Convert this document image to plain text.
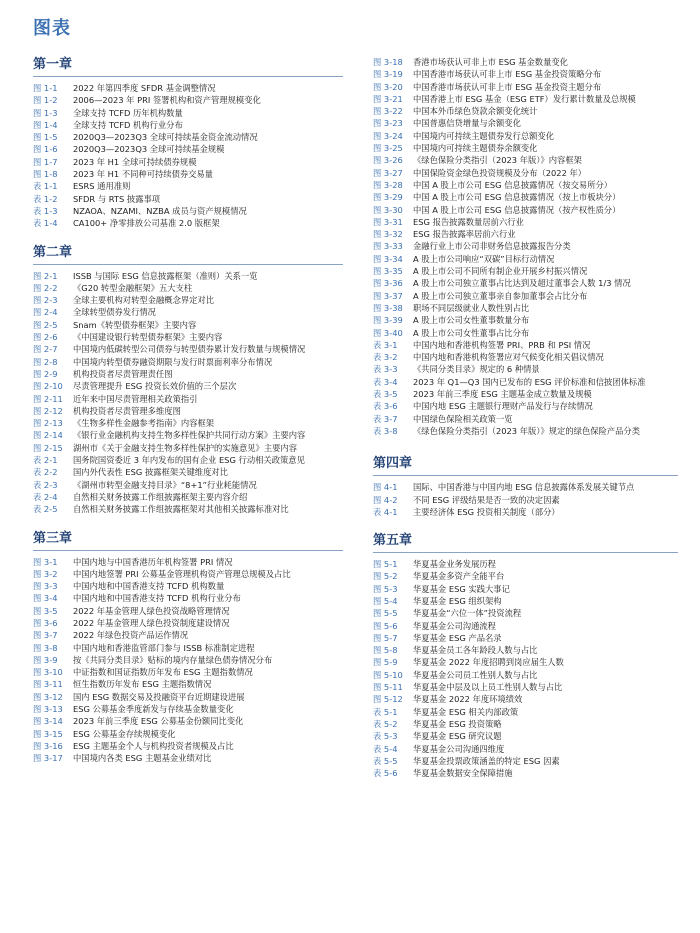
图表
第一章
图 1-1 2022 年第四季度 SFDR 基金调整情况
图 1-2 2006—2023 年 PRI 签署机构和资产管理规模变化
图 1-3 全球支持 TCFD 历年机构数量
图 1-4 全球支持 TCFD 机构行业分布
图 1-5 2020Q3—2023Q3 全球可持续基金资金流动情况
图 1-6 2020Q3—2023Q3 全球可持续基金规模
图 1-7 2023 年 H1 全球可持续债券规模
图 1-8 2023 年 H1 不同种可持续债券交易量
表 1-1 ESRS 通用准则
表 1-2 SFDR 与 RTS 披露事项
表 1-3 NZAOA、NZAMI、NZBA 成员与资产规模情况
表 1-4 CA100+ 净零排放公司基准 2.0 版框架
第二章
图 2-1 ISSB 与国际 ESG 信息披露框架（准则）关系一览
图 2-2 《G20 转型金融框架》五大支柱
图 2-3 全球主要机构对转型金融概念界定对比
图 2-4 全球转型债券发行情况
图 2-5 Snam《转型债券框架》主要内容
图 2-6 《中国建设银行转型债券框架》主要内容
图 2-7 中国境内低碳转型公司债券与转型债券累计发行数量与规模情况
图 2-8 中国境内转型债券融资期限与发行时票面利率分布情况
图 2-9 机构投资者尽责管理责任图
图 2-10 尽责管理提升 ESG 投资长效价值的三个层次
图 2-11 近年来中国尽责管理相关政策指引
图 2-12 机构投资者尽责管理多维度图
图 2-13 《生物多样性金融参考指南》内容框架
图 2-14 《银行业金融机构支持生物多样性保护共同行动方案》主要内容
图 2-15 湖州市《关于金融支持生物多样性保护的实施意见》主要内容
表 2-1 国务院国资委近 3 年内发布的国有企业 ESG 行动相关政策意见
表 2-2 国内外代表性 ESG 披露框架关键维度对比
表 2-3 《湖州市转型金融支持目录》“8+1”行业耗能情况
表 2-4 自然相关财务披露工作组披露框架主要内容介绍
表 2-5 自然相关财务披露工作组披露框架对其他相关披露标准对比
第三章
图 3-1 中国内地与中国香港历年机构签署 PRI 情况
图 3-2 中国内地签署 PRI 公募基金管理机构资产管理总规模及占比
图 3-3 中国内地和中国香港支持 TCFD 机构数量
图 3-4 中国内地和中国香港支持 TCFD 机构行业分布
图 3-5 2022 年基金管理人绿色投资战略管理情况
图 3-6 2022 年基金管理人绿色投资制度建设情况
图 3-7 2022 年绿色投资产品运作情况
图 3-8 中国内地和香港监管部门参与 ISSB 标准制定进程
图 3-9 按《共同分类目录》贴标的境内存量绿色债券情况分布
图 3-10 中证指数和国证指数历年发布 ESG 主题指数情况
图 3-11 恒生指数历年发布 ESG 主题指数情况
图 3-12 国内 ESG 数据交易及投融资平台近期建设进展
图 3-13 ESG 公募基金季度新发与存续基金数量变化
图 3-14 2023 年前三季度 ESG 公募基金份额同比变化
图 3-15 ESG 公募基金存续规模变化
图 3-16 ESG 主题基金个人与机构投资者规模及占比
图 3-17 中国境内各类 ESG 主题基金业绩对比
图 3-18 香港市场获认可非上市 ESG 基金数量变化
图 3-19 中国香港市场获认可非上市 ESG 基金投资策略分布
图 3-20 中国香港市场获认可非上市 ESG 基金投资主题分布
图 3-21 中国香港上市 ESG 基金（ESG ETF）发行累计数量及总规模
图 3-22 中国本外币绿色贷款余额变化统计
图 3-23 中国普惠信贷增量与余额变化
图 3-24 中国境内可持续主题债券发行总额变化
图 3-25 中国境内可持续主题债券余额变化
图 3-26 《绿色保险分类指引（2023 年版）》内容框架
图 3-27 中国保险资金绿色投资规模及分布（2022 年）
图 3-28 中国 A 股上市公司 ESG 信息披露情况（按交易所分）
图 3-29 中国 A 股上市公司 ESG 信息披露情况（按上市板块分）
图 3-30 中国 A 股上市公司 ESG 信息披露情况（按产权性质分）
图 3-31 ESG 报告披露数量居前六行业
图 3-32 ESG 报告披露率居前六行业
图 3-33 金融行业上市公司非财务信息披露报告分类
图 3-34 A 股上市公司响应“双碳”目标行动情况
图 3-35 A 股上市公司不同所有制企业开展乡村振兴情况
图 3-36 A 股上市公司独立董事占比达到及超过董事会人数 1/3 情况
图 3-37 A 股上市公司独立董事亲自参加董事会占比分布
图 3-38 职场不同层级就业人数性别占比
图 3-39 A 股上市公司女性董事数量分布
图 3-40 A 股上市公司女性董事占比分布
表 3-1 中国内地和香港机构签署 PRI、PRB 和 PSI 情况
表 3-2 中国内地和香港机构签署应对气候变化相关倡议情况
表 3-3 《共同分类目录》规定的 6 种情景
表 3-4 2023 年 Q1—Q3 国内已发布的 ESG 评价标准和信披团体标准
表 3-5 2023 年前三季度 ESG 主题基金成立数量及规模
表 3-6 中国内地 ESG 主题银行理财产品发行与存续情况
表 3-7 中国绿色保险相关政策一览
表 3-8 《绿色保险分类指引（2023 年版）》规定的绿色保险产品分类
第四章
图 4-1 国际、中国香港与中国内地 ESG 信息披露体系发展关键节点
图 4-2 不同 ESG 评级结果是否一致的决定因素
表 4-1 主要经济体 ESG 投资相关制度（部分）
第五章
图 5-1 华夏基金业务发展历程
图 5-2 华夏基金多资产全能平台
图 5-3 华夏基金 ESG 实践大事记
图 5-4 华夏基金 ESG 组织架构
图 5-5 华夏基金“六位一体”投资流程
图 5-6 华夏基金公司沟通流程
图 5-7 华夏基金 ESG 产品名录
图 5-8 华夏基金员工各年龄段人数与占比
图 5-9 华夏基金 2022 年度招聘到岗应届生人数
图 5-10 华夏基金公司员工性别人数与占比
图 5-11 华夏基金中层及以上员工性别人数与占比
图 5-12 华夏基金 2022 年度环境绩效
表 5-1 华夏基金 ESG 相关内部政策
表 5-2 华夏基金 ESG 投资策略
表 5-3 华夏基金 ESG 研究议题
表 5-4 华夏基金公司沟通四维度
表 5-5 华夏基金投票政策涵盖的特定 ESG 因素
表 5-6 华夏基金数据安全保障措施
